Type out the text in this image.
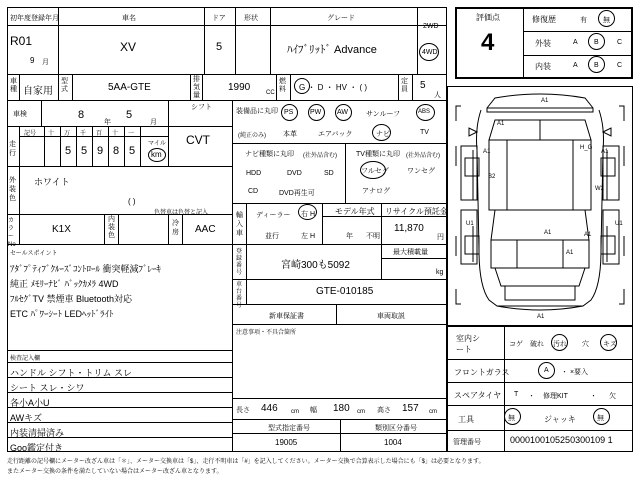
初年度登録年月
R01
9 月
車名
XV
ドア
5
形状	グレード
ﾊｲﾌﾞﾘｯﾄﾞ Advance
2WD
4WD
車種 自家用
型式	5AA-GTE
排気量
1990	CC
燃料 G ・ D ・ HV ・ ( )
定員 5
人
車検	8
年
5
月
シフト
CVT
走行
記号 十 万 千 百 十 一
5 5 9 8 5
マイル
km
外装色
ホワイト
( )
色替車は色替と記入
カラーNo
K1X
内装色
冷房 AAC
セールスポイント
ｱﾀﾞﾌﾟﾃｨﾌﾞｸﾙｰｽﾞｺﾝﾄﾛｰﾙ 衝突軽減ﾌﾞﾚｰｷ
純正 ﾒﾓﾘｰﾅﾋﾞ ﾊﾞｯｸｶﾒﾗ 4WD
ﾌﾙｾｸﾞTV 禁煙車 Bluetooth対応
ETC ﾊﾟﾜｰｼｰﾄ LEDﾍｯﾄﾞﾗｲﾄ
検査記入欄
ハンドル シフト・トリム スレ
シート スレ・シワ
各小A小U
AWキズ
内装清掃済み
Goo鑑定付き
装備品に丸印
(純正のみ)
PS PW AW	サンルーフ	ABS
本革	エアバック	ナビ	TV
ナビ種類に丸印 (社外品含む)	TV種類に丸印 (社外品含む)
HDD	DVD	SD
CD	DVD再生可
フルセグ	ワンセグ
アナログ
輸入車
ディーラー 右 H
並行	左 H
モデル年式
年 不明
リサイクル預託金
11,870
円
登録番号
宮崎300も5092
最大積載量
kg
車台番号
GTE-010185
新車保証書	車両取説
注意事項・不具合箇所
長さ 446 cm 幅 180 cm 高さ 157 cm
型式指定番号
19005
類別区分番号
1004
評価点
4
修復歴	有 無
外装	A B	C
内装	A B	C
A1
A1
A1
B2
W2
A1
U1	U1
A1	A1
A1
H_G
A1
室内シート
コゲ 破れ 汚れ 穴 キズ
フロントガラス	A ・ ×要入
スペアタイヤ T ・ 修理KIT	・ 欠
工具	無	ジャッキ	無
管理番号	0000100105250300109 1
走行距離の記号欄にメーター改ざん車は「＊」、メーター交換車は「$」、走行不明車は「#」を記入してください。メーター交換で合算表示した場合にも「$」は必要となります。
またメーター交換の条件を満たしていない場合はメーター改ざん車となります。
